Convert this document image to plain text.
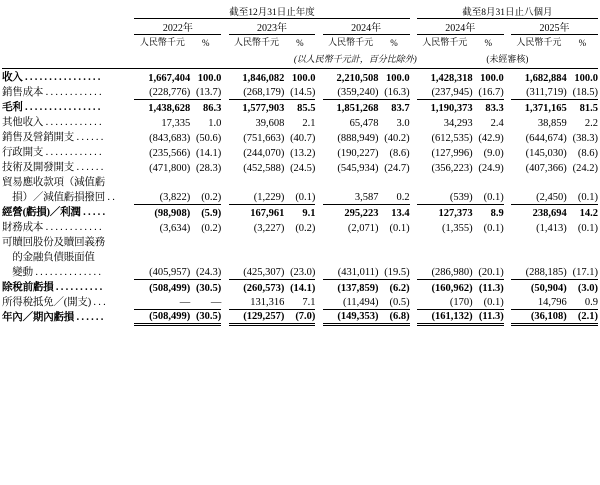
	截至12月31日止年度									截至8月31日止八個月				
	2022年			2023年			2024年			2024年			2025年	
	人民幣千元	%		人民幣千元	%		人民幣千元	%		人民幣千元	%		人民幣千元	%

(以人民幣千元計，百分比除外)										(未經審核)				

收入 . . . . . . . . . . . . . . . .	1,667,404	100.0		1,846,082	100.0		2,210,508	100.0		1,428,318	100.0		1,682,884	100.0
銷售成本 . . . . . . . . . . . .	(228,776)	(13.7)		(268,179)	(14.5)		(359,240)	(16.3)		(237,945)	(16.7)		(311,719)	(18.5)
毛利 . . . . . . . . . . . . . . . .	1,438,628	86.3		1,577,903	85.5		1,851,268	83.7		1,190,373	83.3		1,371,165	81.5
其他收入 . . . . . . . . . . . .	17,335	1.0		39,608	2.1		65,478	3.0		34,293	2.4		38,859	2.2
銷售及營銷開支 . . . . . .	(843,683)	(50.6)		(751,663)	(40.7)		(888,949)	(40.2)		(612,535)	(42.9)		(644,674)	(38.3)
行政開支 . . . . . . . . . . . .	(235,566)	(14.1)		(244,070)	(13.2)		(190,227)	(8.6)		(127,996)	(9.0)		(145,030)	(8.6)
技術及開發開支 . . . . . .	(471,800)	(28.3)		(452,588)	(24.5)		(545,934)	(24.7)		(356,223)	(24.9)		(407,366)	(24.2)
貿易應收款項（減值虧														
　損）／減值虧損撥回 . .	(3,822)	(0.2)		(1,229)	(0.1)		3,587	0.2		(539)	(0.1)		(2,450)	(0.1)
經營(虧損)／利潤 . . . . .	(98,908)	(5.9)		167,961	9.1		295,223	13.4		127,373	8.9		238,694	14.2
財務成本 . . . . . . . . . . . .	(3,634)	(0.2)		(3,227)	(0.2)		(2,071)	(0.1)		(1,355)	(0.1)		(1,413)	(0.1)
可贖回股份及贖回義務														
　的金融負債賬面值														
　變動 . . . . . . . . . . . . . .	(405,957)	(24.3)		(425,307)	(23.0)		(431,011)	(19.5)		(286,980)	(20.1)		(288,185)	(17.1)
除稅前虧損 . . . . . . . . . .	(508,499)	(30.5)		(260,573)	(14.1)		(137,859)	(6.2)		(160,962)	(11.3)		(50,904)	(3.0)
所得稅抵免／(開支) . . .	—	—		131,316	7.1		(11,494)	(0.5)		(170)	(0.1)		14,796	0.9
年內／期內虧損 . . . . . .	(508,499)	(30.5)		(129,257)	(7.0)		(149,353)	(6.8)		(161,132)	(11.3)		(36,108)	(2.1)
